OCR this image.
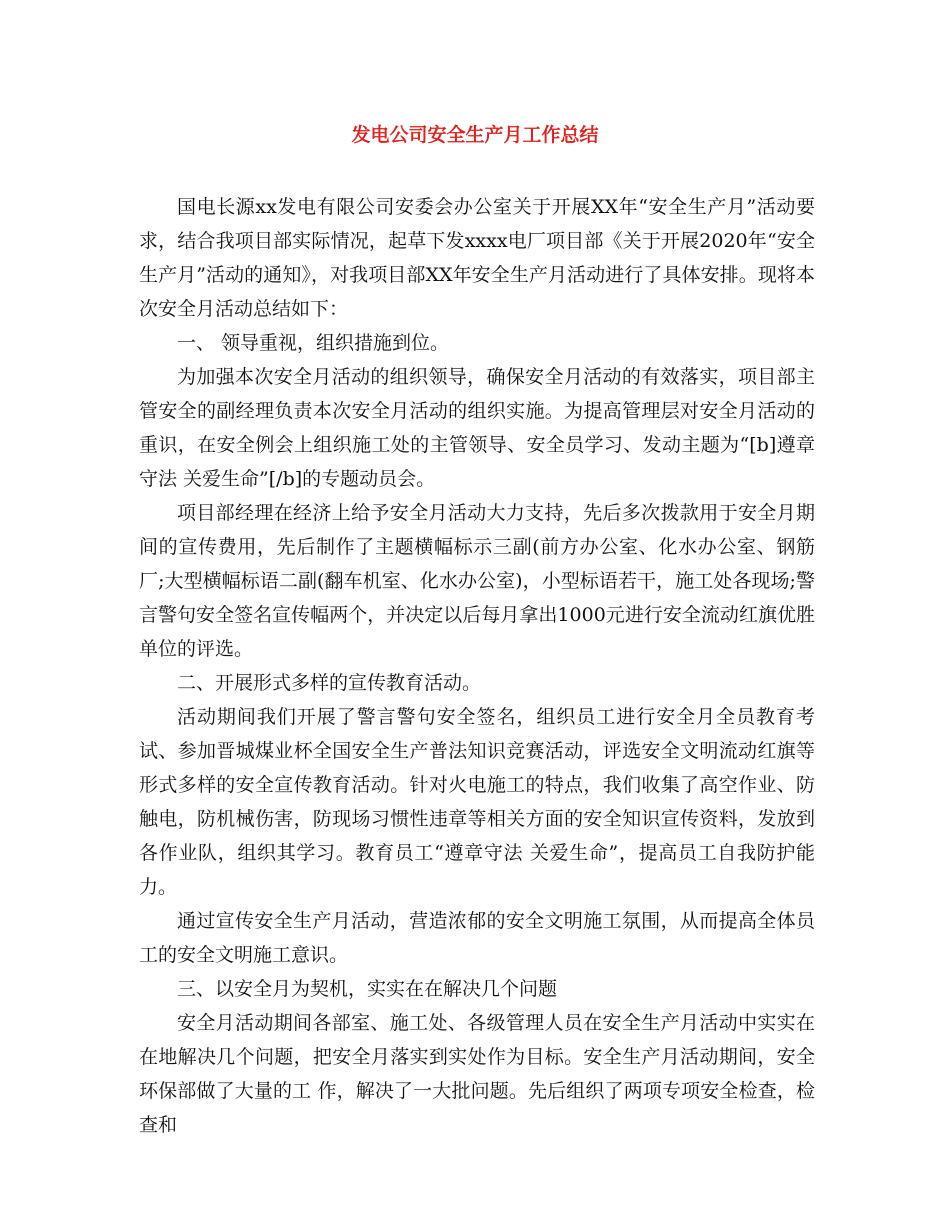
发电公司安全生产月工作总结

国电长源xx发电有限公司安委会办公室关于开展XX年“安全生产月”活动要求，结合我项目部实际情况，起草下发xxxx电厂项目部《关于开展2020年“安全生产月”活动的通知》，对我项目部XX年安全生产月活动进行了具体安排。现将本次安全月活动总结如下：

一、 领导重视，组织措施到位。

为加强本次安全月活动的组织领导，确保安全月活动的有效落实，项目部主管安全的副经理负责本次安全月活动的组织实施。为提高管理层对安全月活动的重识，在安全例会上组织施工处的主管领导、安全员学习、发动主题为“[b]遵章守法 关爱生命”[/b]的专题动员会。

项目部经理在经济上给予安全月活动大力支持，先后多次拨款用于安全月期间的宣传费用，先后制作了主题横幅标示三副(前方办公室、化水办公室、钢筋厂;大型横幅标语二副(翻车机室、化水办公室)，小型标语若干，施工处各现场;警言警句安全签名宣传幅两个，并决定以后每月拿出1000元进行安全流动红旗优胜单位的评选。

二、开展形式多样的宣传教育活动。

活动期间我们开展了警言警句安全签名，组织员工进行安全月全员教育考试、参加晋城煤业杯全国安全生产普法知识竞赛活动，评选安全文明流动红旗等形式多样的安全宣传教育活动。针对火电施工的特点，我们收集了高空作业、防触电，防机械伤害，防现场习惯性违章等相关方面的安全知识宣传资料，发放到各作业队，组织其学习。教育员工“遵章守法 关爱生命”，提高员工自我防护能力。

通过宣传安全生产月活动，营造浓郁的安全文明施工氛围，从而提高全体员工的安全文明施工意识。

三、以安全月为契机，实实在在解决几个问题

安全月活动期间各部室、施工处、各级管理人员在安全生产月活动中实实在在地解决几个问题，把安全月落实到实处作为目标。安全生产月活动期间，安全环保部做了大量的工 作，解决了一大批问题。先后组织了两项专项安全检查，检查和
